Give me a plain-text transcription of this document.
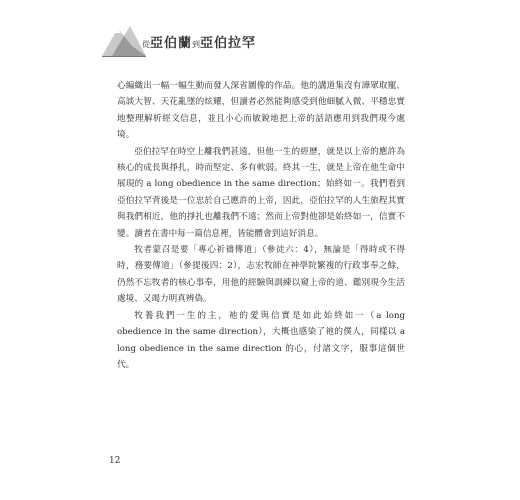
從亞伯蘭到亞伯拉罕

心編織出一幅一幅生動而發人深省圖像的作品。他的講道集沒有譁眾取寵、高談大智、天花亂墜的炫耀，但讀者必然能夠感受到他細膩入微、平穩忠實地整理解析經文信息，並且小心而敏銳地把上帝的話語應用到我們現今處境。

亞伯拉罕在時空上離我們甚遠，但他一生的經歷，就是以上帝的應許為核心的成長與掙扎，時而堅定、多有軟弱。終其一生，就是上帝在他生命中展現的 a long obedience in the same direction；始終如一。我們看到亞伯拉罕背後是一位忠於自己應許的上帝，因此，亞伯拉罕的人生旅程其實與我們相近，他的掙扎也離我們不遠；然而上帝對他卻是始終如一，信實不變。讀者在書中每一篇信息裡，皆能體會到這好消息。

牧者蒙召是要「專心祈禱傳道」（參徒六：4），無論是「得時或不得時，務要傳道」（參提後四：2），志宏牧師在神學院繁複的行政事奉之餘，仍然不忘牧者的核心事奉，用他的經驗與訓練以窺上帝的道、鑑別現今生活處境、又竭力明真辨偽。

牧養我們一生的主，祂的愛與信實是如此始終如一（a long obedience in the same direction），大概也感染了祂的僕人，同樣以 a long obedience in the same direction 的心，付諸文字，服事這個世代。

12
